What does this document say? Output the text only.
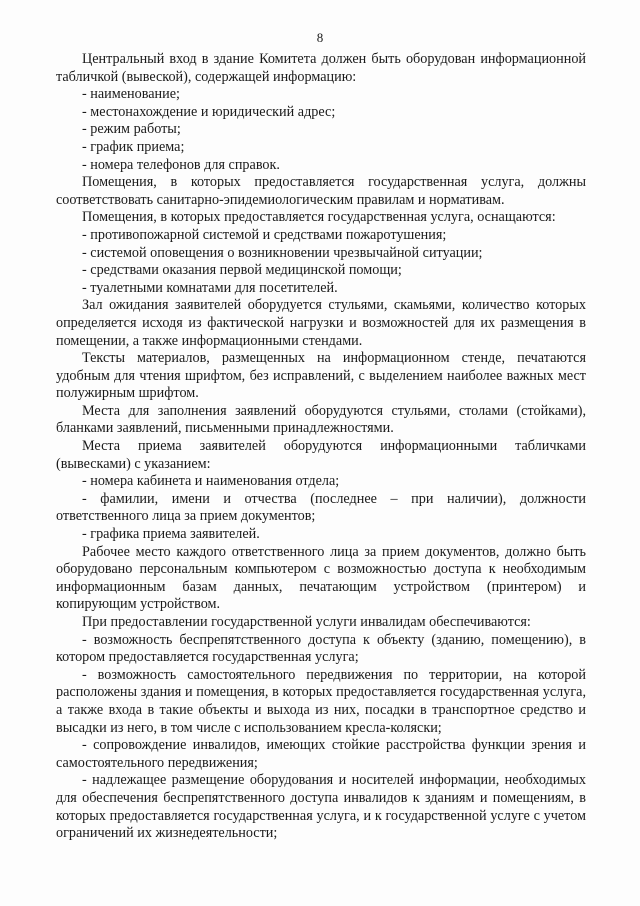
8

Центральный вход в здание Комитета должен быть оборудован информационной табличкой (вывеской), содержащей информацию:

- наименование;

- местонахождение и юридический адрес;

- режим работы;

- график приема;

- номера телефонов для справок.

Помещения, в которых предоставляется государственная услуга, должны соответствовать санитарно-эпидемиологическим правилам и нормативам.

Помещения, в которых предоставляется государственная услуга, оснащаются:

- противопожарной системой и средствами пожаротушения;

- системой оповещения о возникновении чрезвычайной ситуации;

- средствами оказания первой медицинской помощи;

- туалетными комнатами для посетителей.

Зал ожидания заявителей оборудуется стульями, скамьями, количество которых определяется исходя из фактической нагрузки и возможностей для их размещения в помещении, а также информационными стендами.

Тексты материалов, размещенных на информационном стенде, печатаются удобным для чтения шрифтом, без исправлений, с выделением наиболее важных мест полужирным шрифтом.

Места для заполнения заявлений оборудуются стульями, столами (стойками), бланками заявлений, письменными принадлежностями.

Места приема заявителей оборудуются информационными табличками (вывесками) с указанием:

- номера кабинета и наименования отдела;

- фамилии, имени и отчества (последнее – при наличии), должности ответственного лица за прием документов;

- графика приема заявителей.

Рабочее место каждого ответственного лица за прием документов, должно быть оборудовано персональным компьютером с возможностью доступа к необходимым информационным базам данных, печатающим устройством (принтером) и копирующим устройством.

При предоставлении государственной услуги инвалидам обеспечиваются:

- возможность беспрепятственного доступа к объекту (зданию, помещению), в котором предоставляется государственная услуга;

- возможность самостоятельного передвижения по территории, на которой расположены здания и помещения, в которых предоставляется государственная услуга, а также входа в такие объекты и выхода из них, посадки в транспортное средство и высадки из него, в том числе с использованием кресла-коляски;

- сопровождение инвалидов, имеющих стойкие расстройства функции зрения и самостоятельного передвижения;

- надлежащее размещение оборудования и носителей информации, необходимых для обеспечения беспрепятственного доступа инвалидов к зданиям и помещениям, в которых предоставляется государственная услуга, и к государственной услуге с учетом ограничений их жизнедеятельности;
